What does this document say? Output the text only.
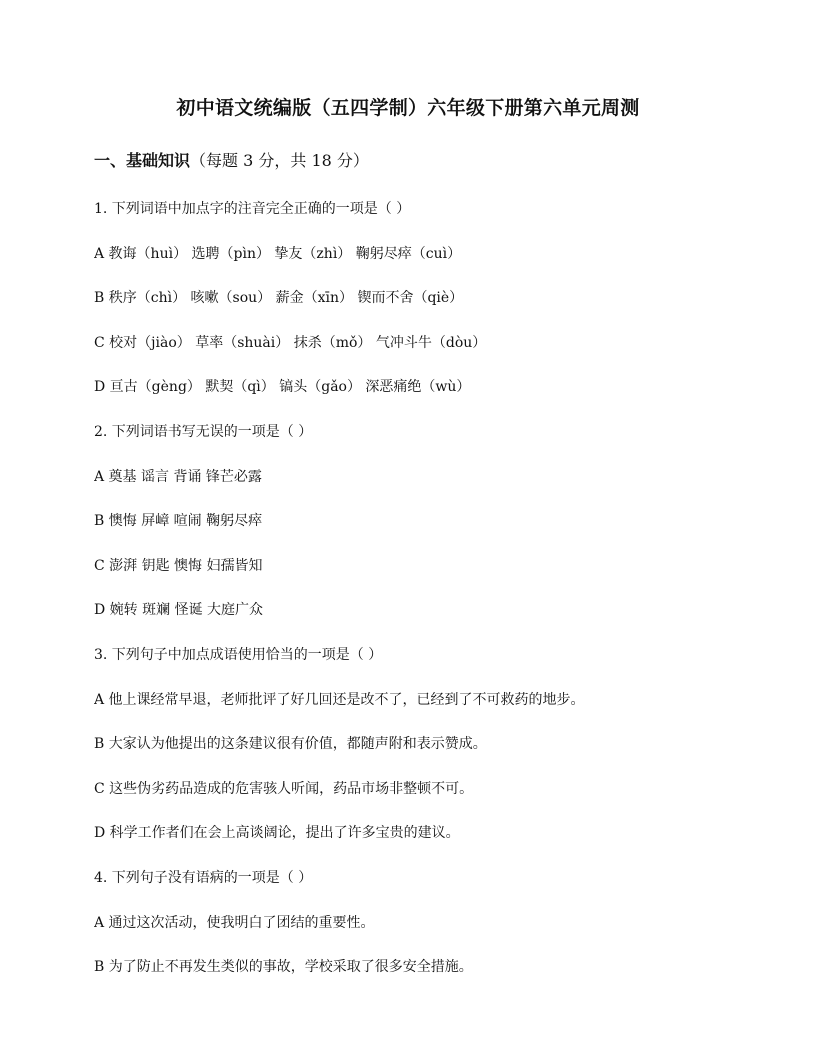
初中语文统编版（五四学制）六年级下册第六单元周测
一、基础知识（每题 3 分，共 18 分）
1. 下列词语中加点字的注音完全正确的一项是（ ）
A 教诲（huì） 选聘（pìn） 挚友（zhì） 鞠躬尽瘁（cuì）
B 秩序（chì） 咳嗽（sou） 薪金（xīn） 锲而不舍（qiè）
C 校对（jiào） 草率（shuài） 抹杀（mǒ） 气冲斗牛（dòu）
D 亘古（gèng） 默契（qì） 镐头（gǎo） 深恶痛绝（wù）
2. 下列词语书写无误的一项是（ ）
A 奠基 谣言 背诵 锋芒必露
B 懊悔 屏嶂 喧闹 鞠躬尽瘁
C 澎湃 钥匙 懊悔 妇孺皆知
D 婉转 斑斓 怪诞 大庭广众
3. 下列句子中加点成语使用恰当的一项是（ ）
A 他上课经常早退，老师批评了好几回还是改不了，已经到了不可救药的地步。
B 大家认为他提出的这条建议很有价值，都随声附和表示赞成。
C 这些伪劣药品造成的危害骇人听闻，药品市场非整顿不可。
D 科学工作者们在会上高谈阔论，提出了许多宝贵的建议。
4. 下列句子没有语病的一项是（ ）
A 通过这次活动，使我明白了团结的重要性。
B 为了防止不再发生类似的事故，学校采取了很多安全措施。
